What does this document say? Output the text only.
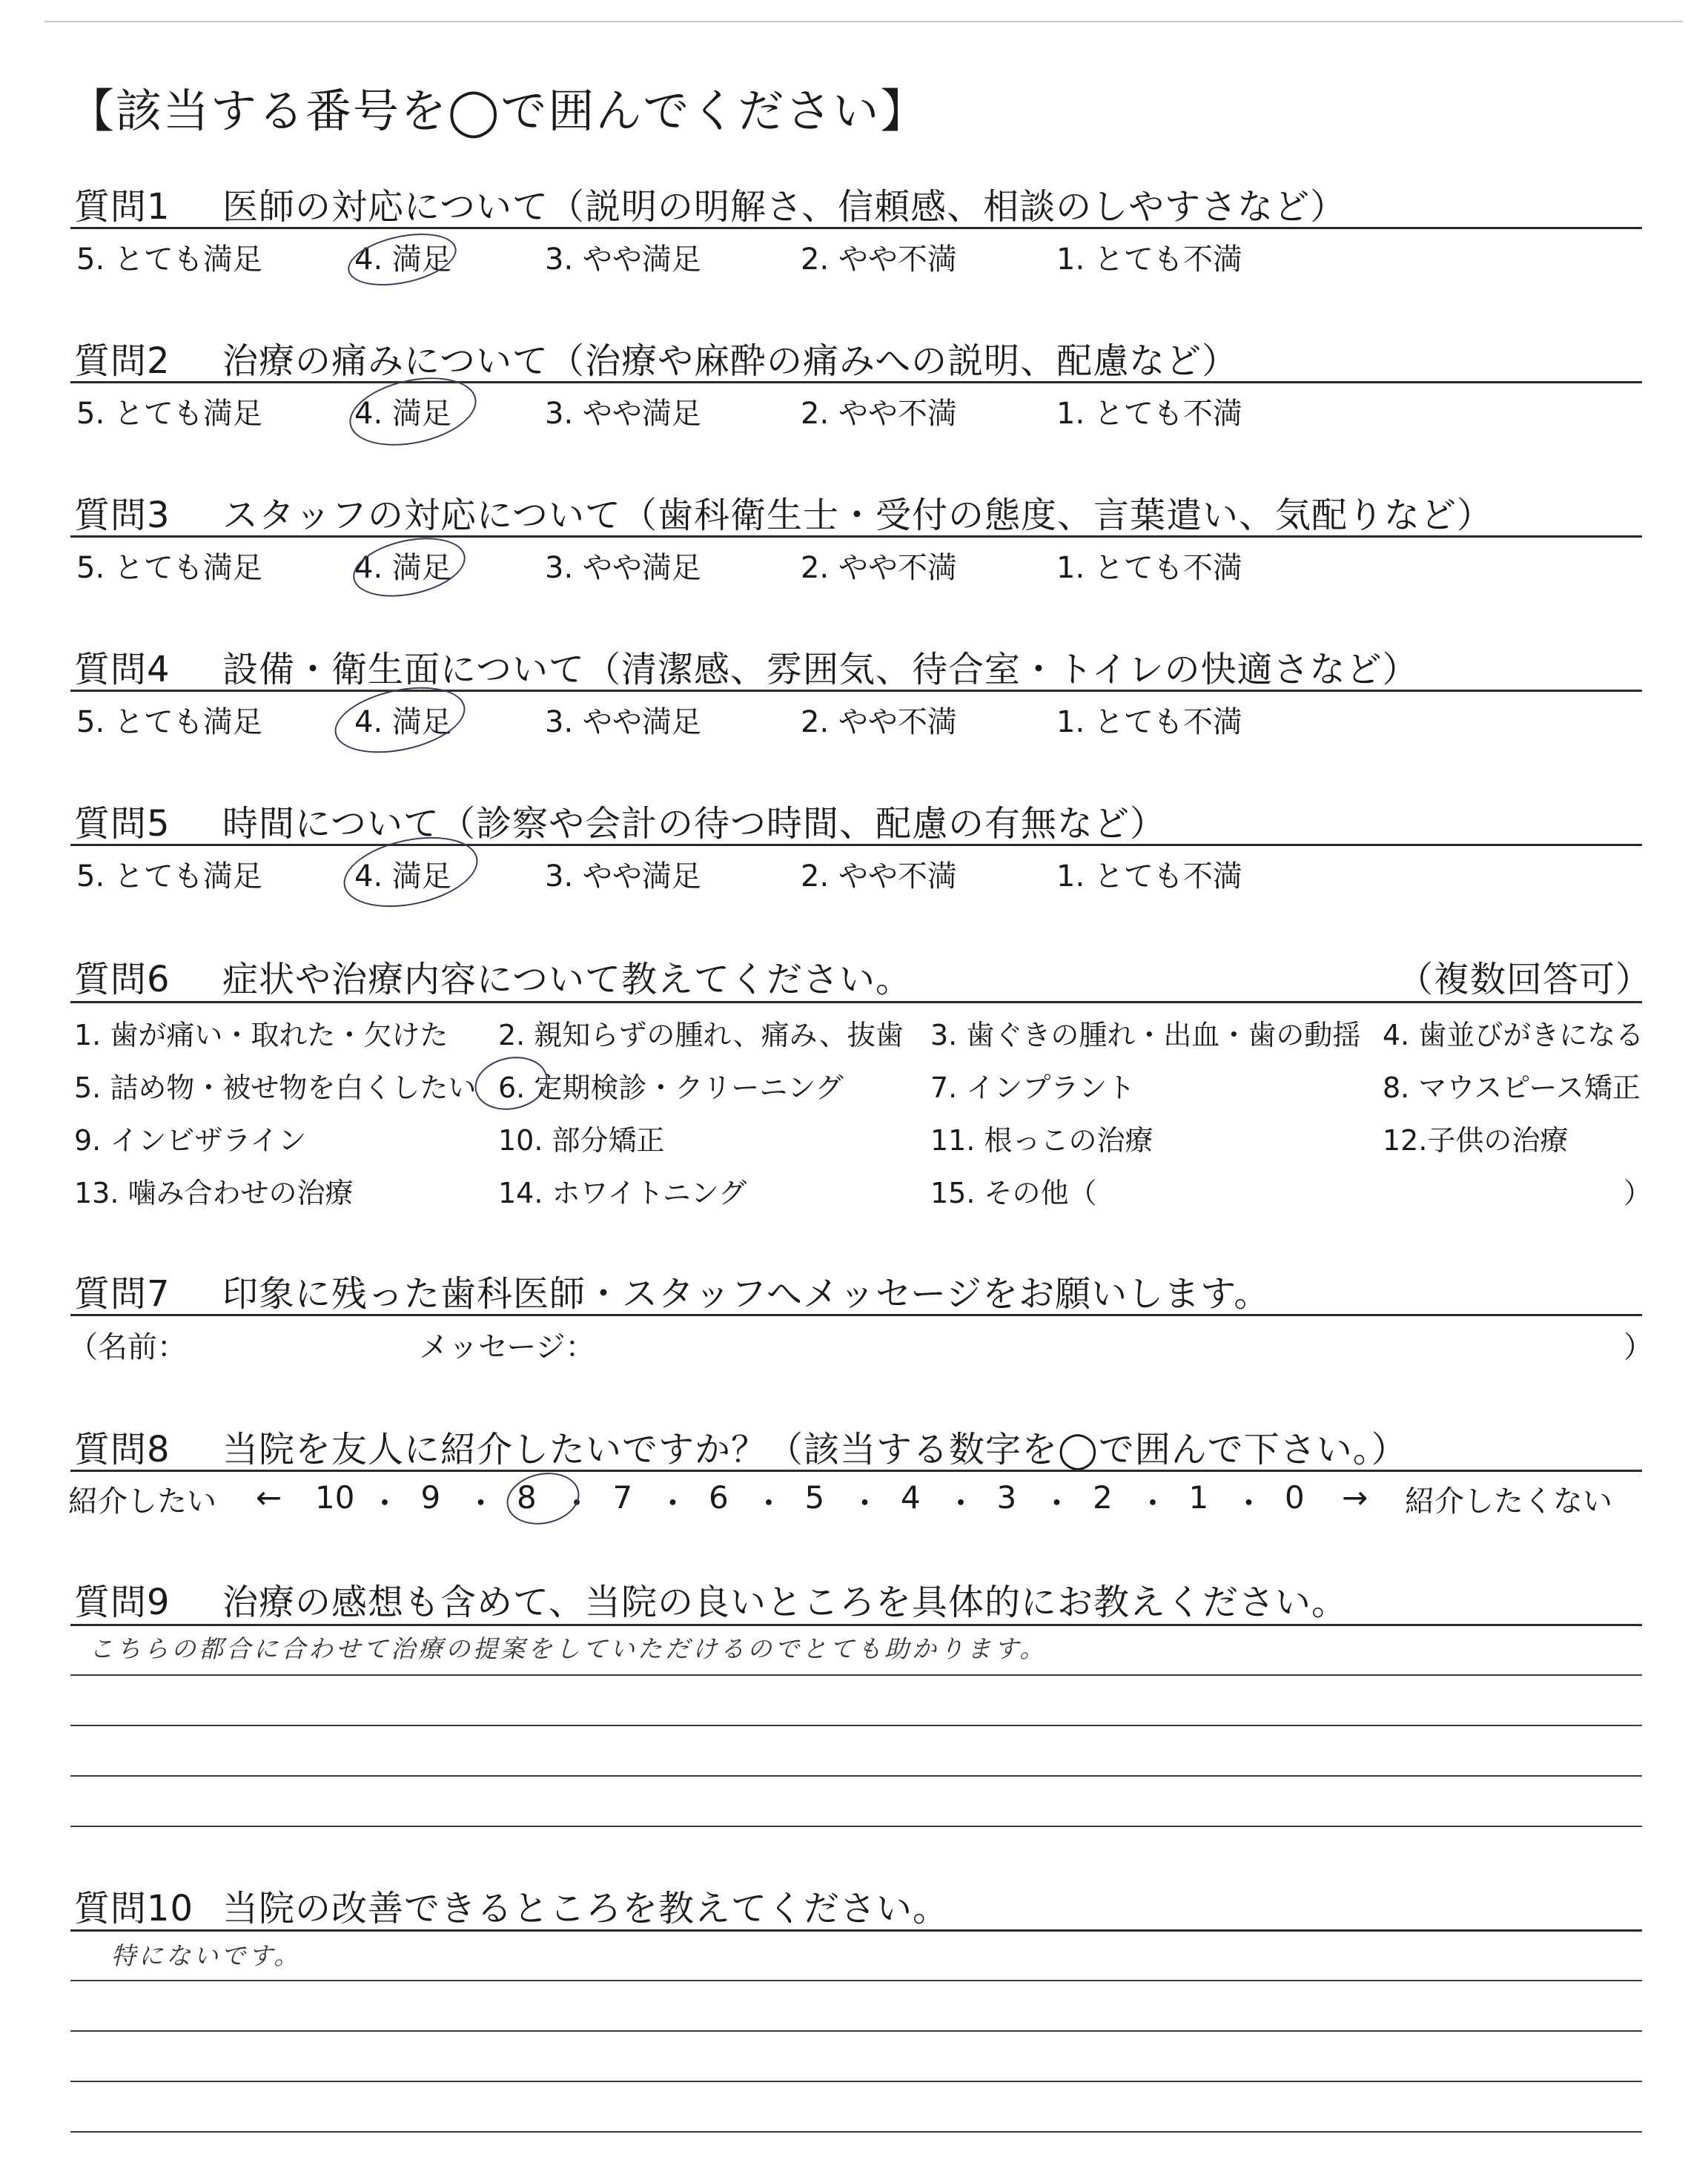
【該当する番号を◯で囲んでください】
質問1 医師の対応について（説明の明解さ、信頼感、相談のしやすさなど）
5. とても満足	4. 満足	3. やや満足	2. やや不満	1. とても不満
質問2 治療の痛みについて（治療や麻酔の痛みへの説明、配慮など）
5. とても満足	4. 満足	3. やや満足	2. やや不満	1. とても不満
質問3 スタッフの対応について（歯科衛生士・受付の態度、言葉遣い、気配りなど）
5. とても満足	4. 満足	3. やや満足	2. やや不満	1. とても不満
質問4 設備・衛生面について（清潔感、雰囲気、待合室・トイレの快適さなど）
5. とても満足	4. 満足	3. やや満足	2. やや不満	1. とても不満
質問5 時間について（診察や会計の待つ時間、配慮の有無など）
5. とても満足	4. 満足	3. やや満足	2. やや不満	1. とても不満
質問6 症状や治療内容について教えてください。	（複数回答可）
1. 歯が痛い・取れた・欠けた 2. 親知らずの腫れ、痛み、抜歯 3. 歯ぐきの腫れ・出血・歯の動揺 4. 歯並びがきになる
5. 詰め物・被せ物を白くしたい 6. 定期検診・クリーニング	7. インプラント	8. マウスピース矯正
9. インビザライン	10. 部分矯正	11. 根っこの治療	12.子供の治療
13. 噛み合わせの治療	14. ホワイトニング	15. その他（	）
質問7 印象に残った歯科医師・スタッフへメッセージをお願いします。
（名前：	メッセージ：	）
質問8 当院を友人に紹介したいですか？（該当する数字を◯で囲んで下さい。）
紹介したい	紹介したくない
← 10 ・ 9 ・ 8 ・ 7 ・ 6 ・ 5 ・ 4 ・ 3 ・ 2 ・ 1 ・ 0 →
質問9 治療の感想も含めて、当院の良いところを具体的にお教えください。
こちらの都合に合わせて治療の提案をしていただけるのでとても助かります。
質問10 当院の改善できるところを教えてください。
特にないです。
